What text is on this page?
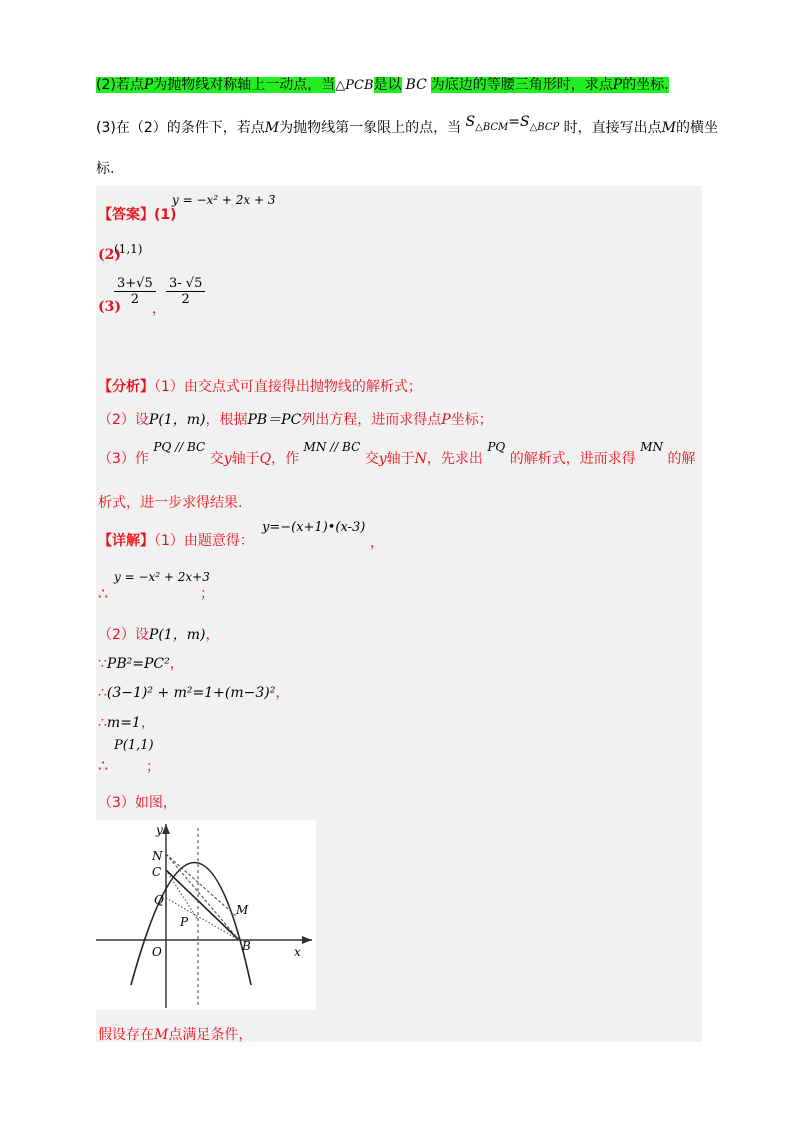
(2)若点P为抛物线对称轴上一动点，当△PCB是以 BC 为底边的等腰三角形时，求点P的坐标.
(3)在（2）的条件下，若点M为抛物线第一象限上的点，当 $S_{\triangle BCM}=S_{\triangle BCP}$ 时，直接写出点M的横坐
标.
【答案】(1)
y = −x² + 2x + 3
(2)
(1,1)
(3)
$\frac{3+√5}{2}$
，
$\frac{3- √5}{2}$
【分析】（1）由交点式可直接得出抛物线的解析式；
（2）设P(1，m)，根据PB＝PC列出方程，进而求得点P坐标；
（3）作 PQ // BC 交y轴于Q，作 MN // BC 交y轴于N，先求出 PQ 的解析式，进而求得 MN 的解
析式，进一步求得结果.
【详解】（1）由题意得：
y=−(x+1)•(x-3)
，
∴
y = −x² + 2x+3
；
（2）设P(1，m)，
∵PB²=PC²，
∴(3−1)² + m²=1+(m−3)²，
∴m=1，
∴
P(1,1)
；
（3）如图，
y
x
O
N
C
Q
P
M
B
假设存在M点满足条件，
